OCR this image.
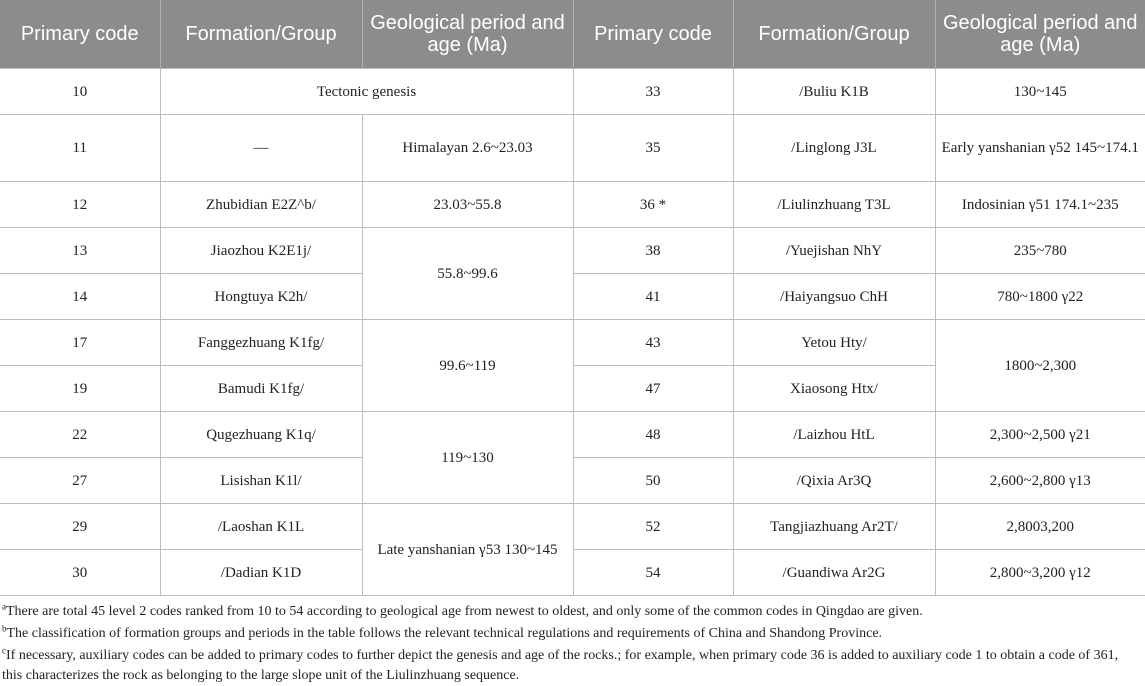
Primary code	Formation/Group	Geological period and age (Ma)	Primary code	Formation/Group	Geological period and age (Ma)
10	Tectonic genesis		33	/Buliu K1B	130~145
11	—	Himalayan 2.6~23.03	35	/Linglong J3L	Early yanshanian γ52 145~174.1
12	Zhubidian E2Z^b/	23.03~55.8	36 *	/Liulinzhuang T3L	Indosinian γ51 174.1~235
13	Jiaozhou K2E1j/	55.8~99.6	38	/Yuejishan NhY	235~780
14	Hongtuya K2h/		41	/Haiyangsuo ChH	780~1800 γ22
17	Fanggezhuang K1fg/	99.6~119	43	Yetou Hty/	1800~2,300
19	Bamudi K1fg/		47	Xiaosong Htx/	
22	Qugezhuang K1q/	119~130	48	/Laizhou HtL	2,300~2,500 γ21
27	Lisishan K1l/		50	/Qixia Ar3Q	2,600~2,800 γ13
29	/Laoshan K1L	Late yanshanian γ53 130~145	52	Tangjiazhuang Ar2T/	2,8003,200
30	/Dadian K1D		54	/Guandiwa Ar2G	2,800~3,200 γ12

$^a$There are total 45 level 2 codes ranked from 10 to 54 according to geological age from newest to oldest, and only some of the common codes in Qingdao are given.

$^b$The classification of formation groups and periods in the table follows the relevant technical regulations and requirements of China and Shandong Province.

$^c$If necessary, auxiliary codes can be added to primary codes to further depict the genesis and age of the rocks.; for example, when primary code 36 is added to auxiliary code 1 to obtain a code of 361, this characterizes the rock as belonging to the large slope unit of the Liulinzhuang sequence.
